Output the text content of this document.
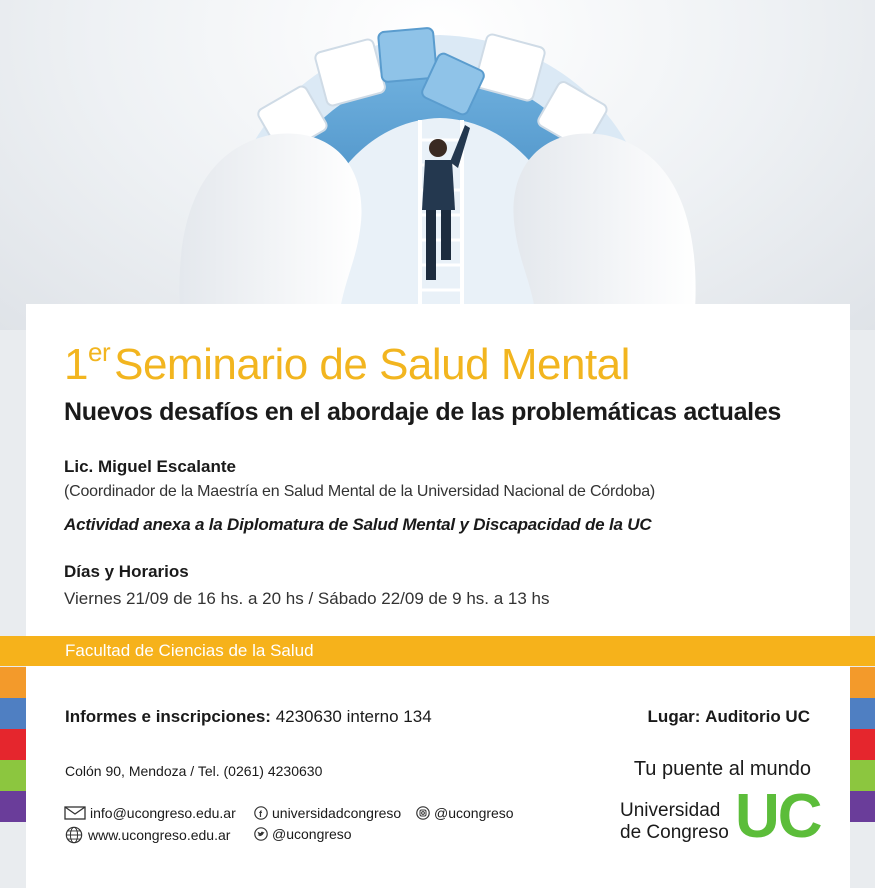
1erSeminario de Salud Mental
Nuevos desafíos en el abordaje de las problemáticas actuales
Lic. Miguel Escalante
(Coordinador de la Maestría en Salud Mental de la Universidad Nacional de Córdoba)
Actividad anexa a la Diplomatura de Salud Mental y Discapacidad de la UC
Días y Horarios
Viernes 21/09 de 16 hs. a 20 hs / Sábado 22/09 de 9 hs. a 13 hs
Facultad de Ciencias de la Salud
Informes e inscripciones: 4230630 interno 134	Lugar: Auditorio UC
Colón 90, Mendoza / Tel. (0261) 4230630
info@ucongreso.edu.ar
www.ucongreso.edu.ar
f universidadcongreso
@ucongreso
@ucongreso
Tu puente al mundo
Universidad
de Congreso UC
